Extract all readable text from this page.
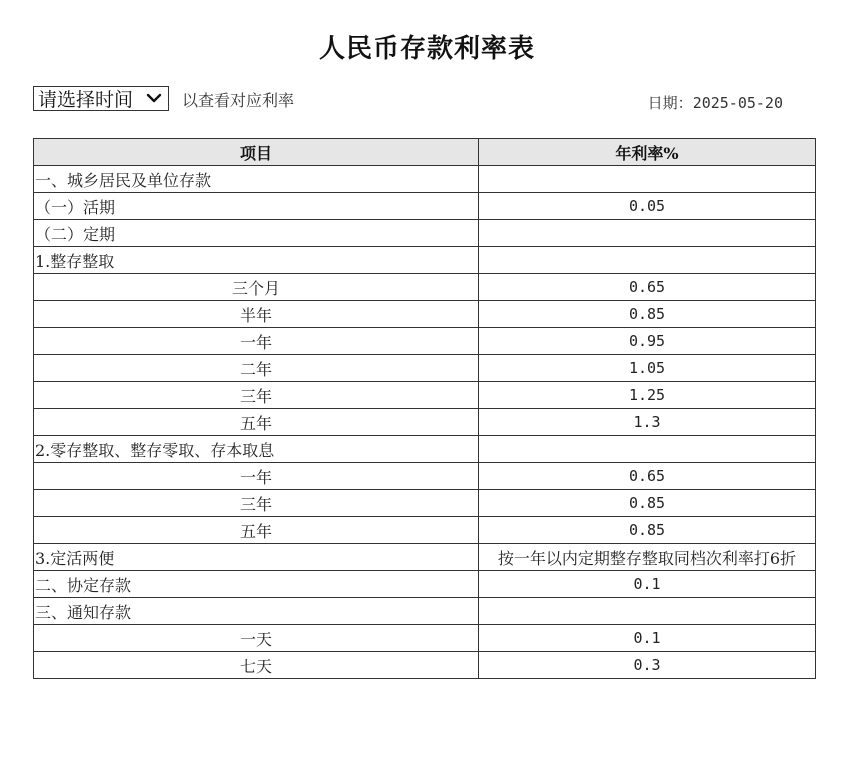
人民币存款利率表
请选择时间	以查看对应利率	日期：2025-05-20
项目	年利率%
一、城乡居民及单位存款	
（一）活期	0.05
（二）定期	
1.整存整取	
三个月	0.65
半年	0.85
一年	0.95
二年	1.05
三年	1.25
五年	1.3
2.零存整取、整存零取、存本取息	
一年	0.65
三年	0.85
五年	0.85
3.定活两便	按一年以内定期整存整取同档次利率打6折
二、协定存款	0.1
三、通知存款	
一天	0.1
七天	0.3
